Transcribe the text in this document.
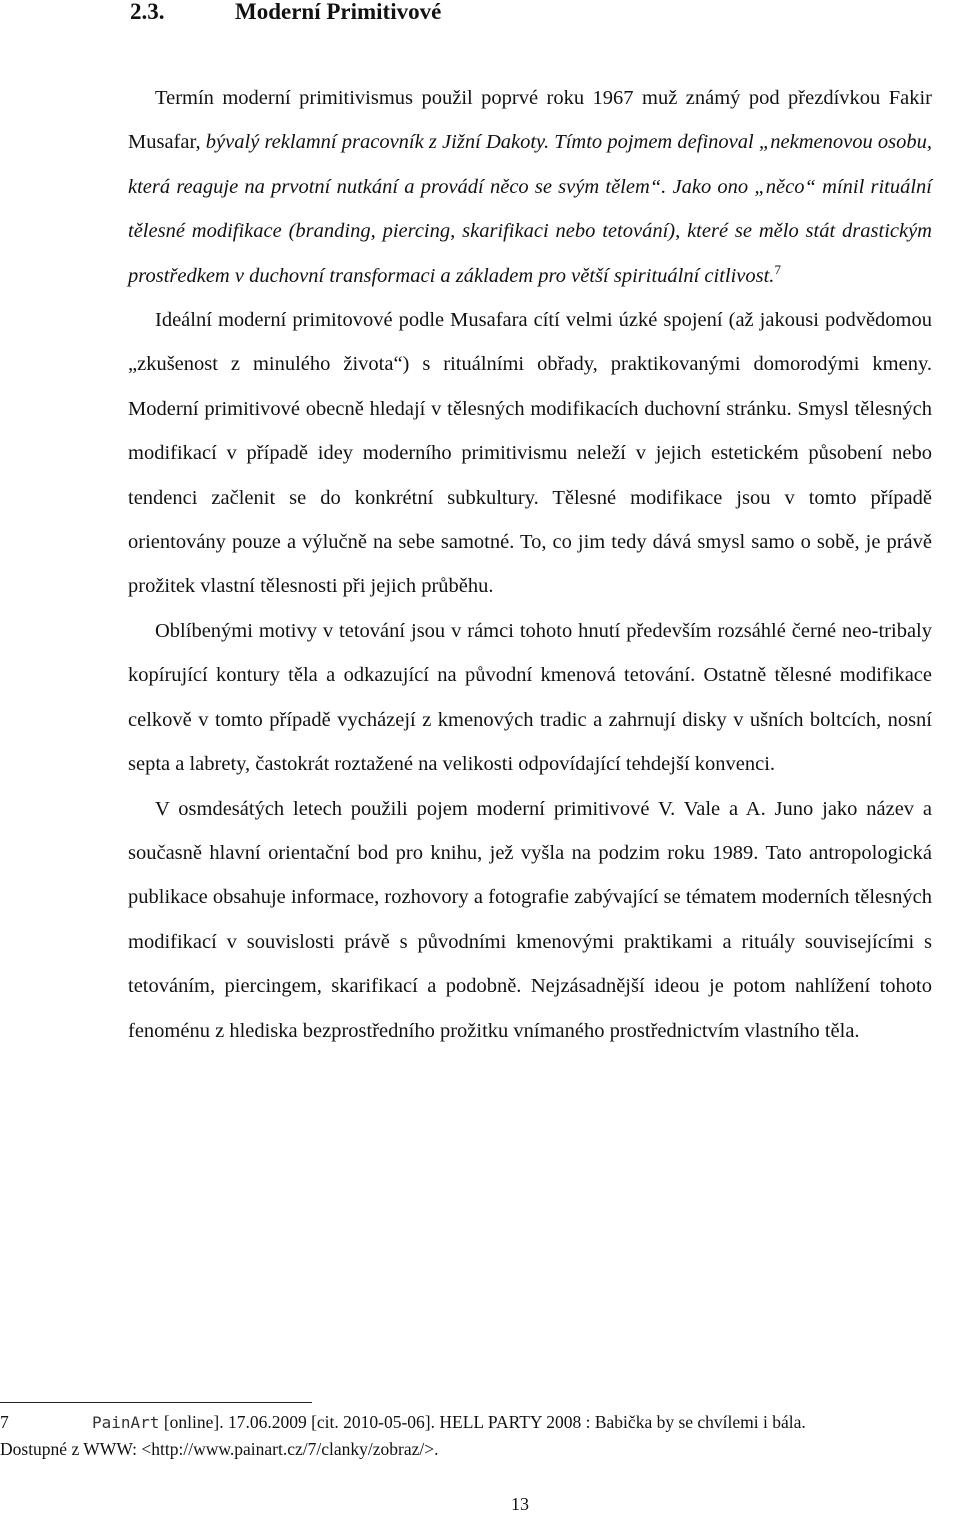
2.3.	Moderní Primitivové

Termín moderní primitivismus použil poprvé roku 1967 muž známý pod přezdívkou Fakir Musafar, bývalý reklamní pracovník z Jižní Dakoty. Tímto pojmem definoval „nekmenovou osobu, která reaguje na prvotní nutkání a provádí něco se svým tělem“. Jako ono „něco“ mínil rituální tělesné modifikace (branding, piercing, skarifikaci nebo tetování), které se mělo stát drastickým prostředkem v duchovní transformaci a základem pro větší spirituální citlivost.$^7$

Ideální moderní primitovové podle Musafara cítí velmi úzké spojení (až jakousi podvědomou „zkušenost z minulého života“) s rituálními obřady, praktikovanými domorodými kmeny. Moderní primitivové obecně hledají v tělesných modifikacích duchovní stránku. Smysl tělesných modifikací v případě idey moderního primitivismu neleží v jejich estetickém působení nebo tendenci začlenit se do konkrétní subkultury. Tělesné modifikace jsou v tomto případě orientovány pouze a výlučně na sebe samotné. To, co jim tedy dává smysl samo o sobě, je právě prožitek vlastní tělesnosti při jejich průběhu.

Oblíbenými motivy v tetování jsou v rámci tohoto hnutí především rozsáhlé černé neo-tribaly kopírující kontury těla a odkazující na původní kmenová tetování. Ostatně tělesné modifikace celkově v tomto případě vycházejí z kmenových tradic a zahrnují disky v ušních boltcích, nosní septa a labrety, častokrát roztažené na velikosti odpovídající tehdejší konvenci.

V osmdesátých letech použili pojem moderní primitivové V. Vale a A. Juno jako název a současně hlavní orientační bod pro knihu, jež vyšla na podzim roku 1989. Tato antropologická publikace obsahuje informace, rozhovory a fotografie zabývající se tématem moderních tělesných modifikací v souvislosti právě s původními kmenovými praktikami a rituály souvisejícími s tetováním, piercingem, skarifikací a podobně. Nejzásadnější ideou je potom nahlížení tohoto fenoménu z hlediska bezprostředního prožitku vnímaného prostřednictvím vlastního těla.

7	PainArt [online]. 17.06.2009 [cit. 2010-05-06]. HELL PARTY 2008 : Babička by se chvílemi i bála.
Dostupné z WWW: <http://www.painart.cz/7/clanky/zobraz/>.
13
